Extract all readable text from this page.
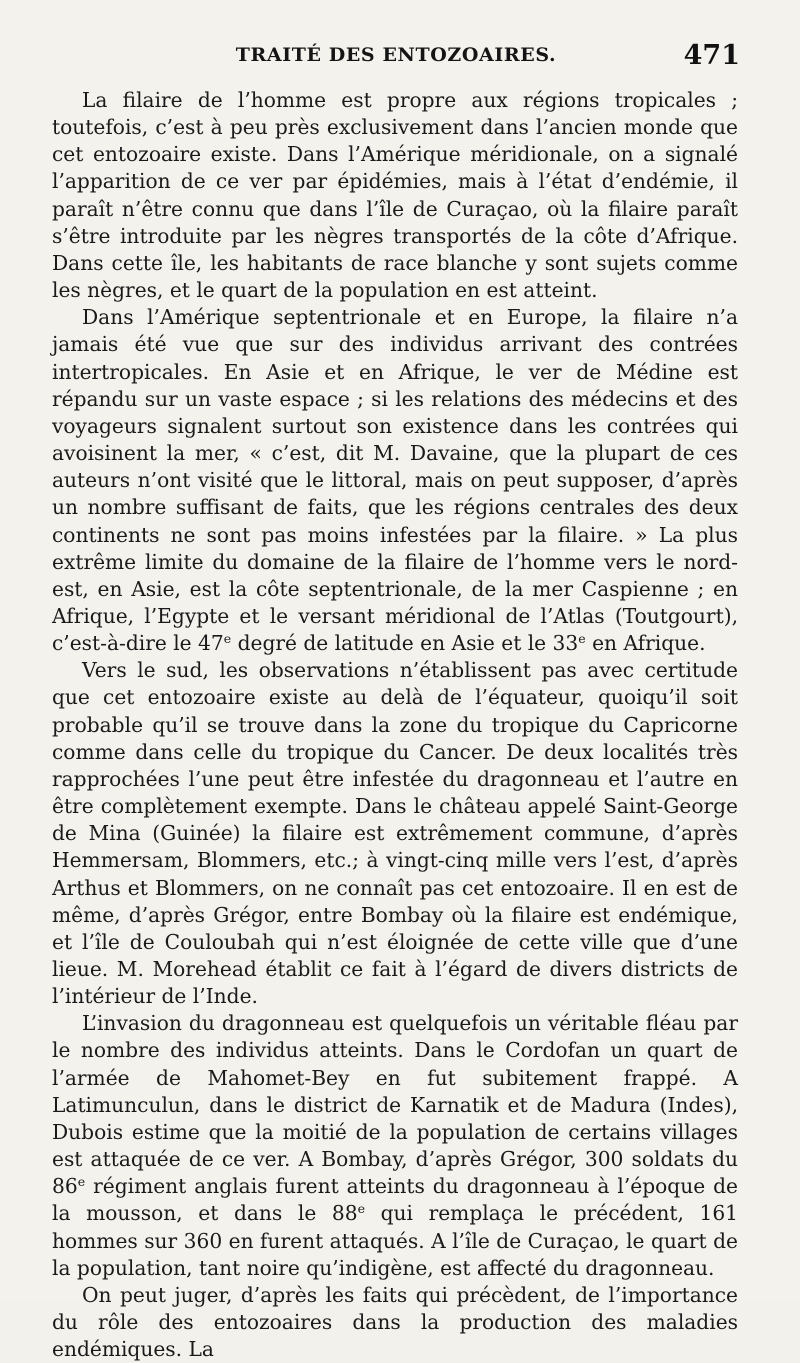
TRAITÉ DES ENTOZOAIRES.	471

La filaire de l’homme est propre aux régions tropicales ; toutefois, c’est à peu près exclusivement dans l’ancien monde que cet entozoaire existe. Dans l’Amérique méridionale, on a signalé l’apparition de ce ver par épidémies, mais à l’état d’endémie, il paraît n’être connu que dans l’île de Curaçao, où la filaire paraît s’être introduite par les nègres transportés de la côte d’Afrique. Dans cette île, les habitants de race blanche y sont sujets comme les nègres, et le quart de la population en est atteint.

Dans l’Amérique septentrionale et en Europe, la filaire n’a jamais été vue que sur des individus arrivant des contrées intertropicales. En Asie et en Afrique, le ver de Médine est répandu sur un vaste espace ; si les relations des médecins et des voyageurs signalent surtout son existence dans les contrées qui avoisinent la mer, « c’est, dit M. Davaine, que la plupart de ces auteurs n’ont visité que le littoral, mais on peut supposer, d’après un nombre suffisant de faits, que les régions centrales des deux continents ne sont pas moins infestées par la filaire. » La plus extrême limite du domaine de la filaire de l’homme vers le nord-est, en Asie, est la côte septentrionale, de la mer Caspienne ; en Afrique, l’Egypte et le versant méridional de l’Atlas (Toutgourt), c’est-à-dire le 47e degré de latitude en Asie et le 33e en Afrique.

Vers le sud, les observations n’établissent pas avec certitude que cet entozoaire existe au delà de l’équateur, quoiqu’il soit probable qu’il se trouve dans la zone du tropique du Capricorne comme dans celle du tropique du Cancer. De deux localités très rapprochées l’une peut être infestée du dragonneau et l’autre en être complètement exempte. Dans le château appelé Saint-George de Mina (Guinée) la filaire est extrêmement commune, d’après Hemmersam, Blommers, etc.; à vingt-cinq mille vers l’est, d’après Arthus et Blommers, on ne connaît pas cet entozoaire. Il en est de même, d’après Grégor, entre Bombay où la filaire est endémique, et l’île de Couloubah qui n’est éloignée de cette ville que d’une lieue. M. Morehead établit ce fait à l’égard de divers districts de l’intérieur de l’Inde.

L’invasion du dragonneau est quelquefois un véritable fléau par le nombre des individus atteints. Dans le Cordofan un quart de l’armée de Mahomet-Bey en fut subitement frappé. A Latimunculun, dans le district de Karnatik et de Madura (Indes), Dubois estime que la moitié de la population de certains villages est attaquée de ce ver. A Bombay, d’après Grégor, 300 soldats du 86e régiment anglais furent atteints du dragonneau à l’époque de la mousson, et dans le 88e qui remplaça le précédent, 161 hommes sur 360 en furent attaqués. A l’île de Curaçao, le quart de la population, tant noire qu’indigène, est affecté du dragonneau.

On peut juger, d’après les faits qui précèdent, de l’importance du rôle des entozoaires dans la production des maladies endémiques. La
